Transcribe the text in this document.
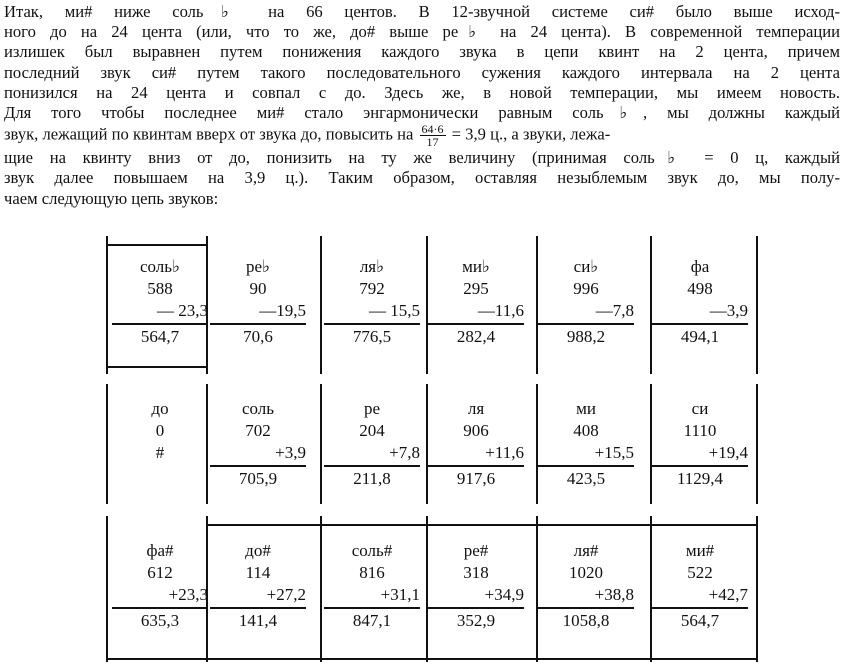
Итак, ми# ниже соль♭ на 66 центов. В 12-звучной системе си# было выше исход-
ного до на 24 цента (или, что то же, до# выше ре♭ на 24 цента). В современной темперации
излишек был выравнен путем понижения каждого звука в цепи квинт на 2 цента, причем
последний звук си# путем такого последовательного сужения каждого интервала на 2 цента
понизился на 24 цента и совпал с до. Здесь же, в новой темперации, мы имеем новость.
Для того чтобы последнее ми# стало энгармонически равным соль♭, мы должны каждый
звук, лежащий по квинтам вверх от звука до, повысить на $\frac{64\cdot 6}{17} = 3,9$ ц., а звуки, лежа-
щие на квинту вниз от до, понизить на ту же величину (принимая соль♭ = 0 ц, каждый
звук далее повышаем на 3,9 ц.). Таким образом, оставляя незыблемым звук до, мы полу-
чаем следующую цепь звуков:
соль♭
588
— 23,3
564,7
ре♭
90
—19,5
70,6
ля♭
792
— 15,5
776,5
ми♭
295
—11,6
282,4
си♭
996
—7,8
988,2
фа
498
—3,9
494,1
до
0
#
соль
702
+3,9
705,9
ре
204
+7,8
211,8
ля
906
+11,6
917,6
ми
408
+15,5
423,5
си
1110
+19,4
1129,4
фа#
612
+23,3
635,3
до#
114
+27,2
141,4
соль#
816
+31,1
847,1
ре#
318
+34,9
352,9
ля#
1020
+38,8
1058,8
ми#
522
+42,7
564,7
